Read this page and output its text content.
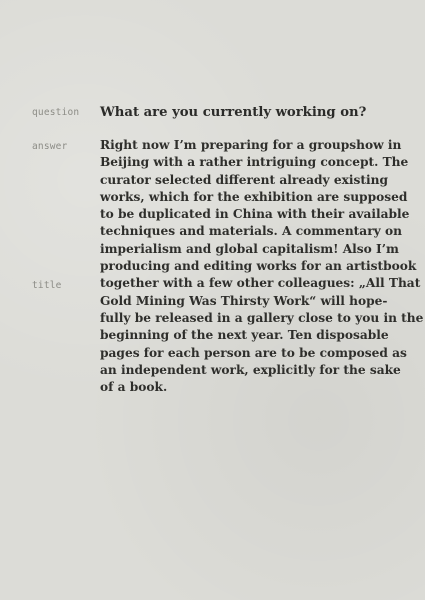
question What are you currently working on?
answer
title
Right now I’m preparing for a groupshow in
Beijing with a rather intriguing concept. The
curator selected different already existing
works, which for the exhibition are supposed
to be duplicated in China with their available
techniques and materials. A commentary on
imperialism and global capitalism! Also I’m
producing and editing works for an artistbook
together with a few other colleagues: „All That
Gold Mining Was Thirsty Work“ will hope-
fully be released in a gallery close to you in the
beginning of the next year. Ten disposable
pages for each person are to be composed as
an independent work, explicitly for the sake
of a book.
